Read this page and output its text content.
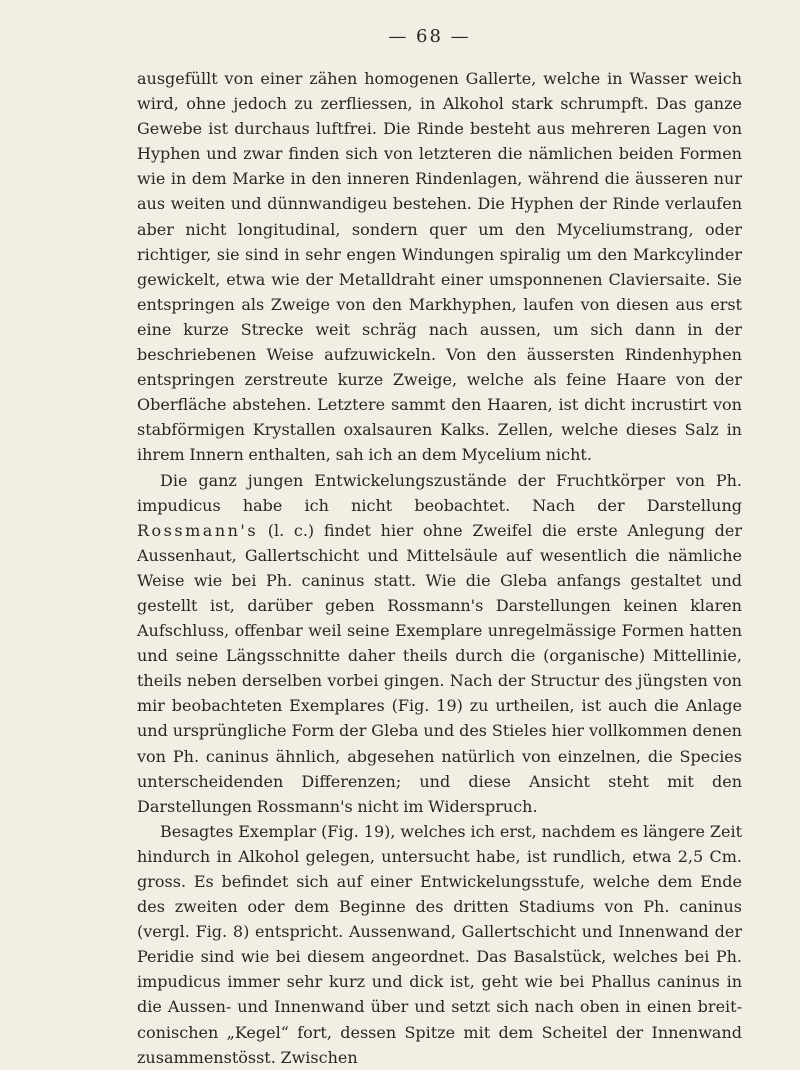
— 68 —

ausgefüllt von einer zähen homogenen Gallerte, welche in Wasser weich wird, ohne jedoch zu zerfliessen, in Alkohol stark schrumpft. Das ganze Gewebe ist durchaus luftfrei. Die Rinde besteht aus mehreren Lagen von Hyphen und zwar finden sich von letzteren die nämlichen beiden Formen wie in dem Marke in den inneren Rindenlagen, während die äusseren nur aus weiten und dünnwandigeu bestehen. Die Hyphen der Rinde verlaufen aber nicht longitudinal, sondern quer um den Myceliumstrang, oder richtiger, sie sind in sehr engen Windungen spiralig um den Markcylinder gewickelt, etwa wie der Metalldraht einer umsponnenen Claviersaite. Sie entspringen als Zweige von den Markhyphen, laufen von diesen aus erst eine kurze Strecke weit schräg nach aussen, um sich dann in der beschriebenen Weise aufzuwickeln. Von den äussersten Rindenhyphen entspringen zerstreute kurze Zweige, welche als feine Haare von der Oberfläche abstehen. Letztere sammt den Haaren, ist dicht incrustirt von stabförmigen Krystallen oxalsauren Kalks. Zellen, welche dieses Salz in ihrem Innern enthalten, sah ich an dem Mycelium nicht.

Die ganz jungen Entwickelungszustände der Fruchtkörper von Ph. impudicus habe ich nicht beobachtet. Nach der Darstellung Rossmann's (l. c.) findet hier ohne Zweifel die erste Anlegung der Aussenhaut, Gallertschicht und Mittelsäule auf wesentlich die nämliche Weise wie bei Ph. caninus statt. Wie die Gleba anfangs gestaltet und gestellt ist, darüber geben Rossmann's Darstellungen keinen klaren Aufschluss, offenbar weil seine Exemplare unregelmässige Formen hatten und seine Längsschnitte daher theils durch die (organische) Mittellinie, theils neben derselben vorbei gingen. Nach der Structur des jüngsten von mir beobachteten Exemplares (Fig. 19) zu urtheilen, ist auch die Anlage und ursprüngliche Form der Gleba und des Stieles hier vollkommen denen von Ph. caninus ähnlich, abgesehen natürlich von einzelnen, die Species unterscheidenden Differenzen; und diese Ansicht steht mit den Darstellungen Rossmann's nicht im Widerspruch.

Besagtes Exemplar (Fig. 19), welches ich erst, nachdem es längere Zeit hindurch in Alkohol gelegen, untersucht habe, ist rundlich, etwa 2,5 Cm. gross. Es befindet sich auf einer Entwickelungsstufe, welche dem Ende des zweiten oder dem Beginne des dritten Stadiums von Ph. caninus (vergl. Fig. 8) entspricht. Aussenwand, Gallertschicht und Innenwand der Peridie sind wie bei diesem angeordnet. Das Basalstück, welches bei Ph. impudicus immer sehr kurz und dick ist, geht wie bei Phallus caninus in die Aussen- und Innenwand über und setzt sich nach oben in einen breit-conischen „Kegel“ fort, dessen Spitze mit dem Scheitel der Innenwand zusammenstösst. Zwischen
